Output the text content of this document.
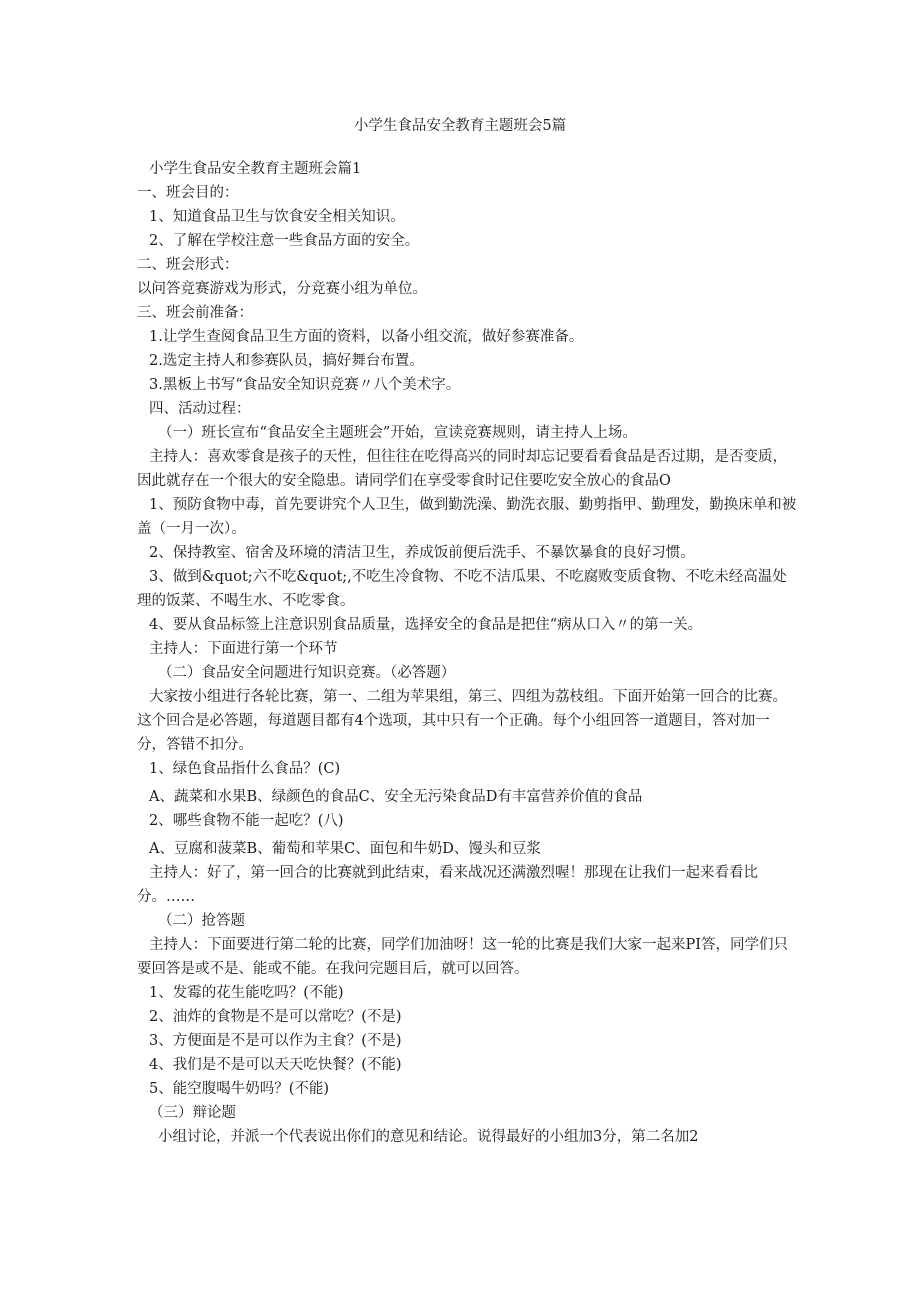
小学生食品安全教育主题班会5篇

小学生食品安全教育主题班会篇1

一、班会目的：

1、知道食品卫生与饮食安全相关知识。

2、了解在学校注意一些食品方面的安全。

二、班会形式：

以问答竞赛游戏为形式，分竞赛小组为单位。

三、班会前准备：

1.让学生查阅食品卫生方面的资料，以备小组交流，做好参赛准备。

2.选定主持人和参赛队员，搞好舞台布置。

3.黑板上书写“食品安全知识竞赛〃八个美术字。

四、活动过程：

（一）班长宣布“食品安全主题班会”开始，宣读竞赛规则，请主持人上场。

主持人：喜欢零食是孩子的天性，但往往在吃得高兴的同时却忘记要看看食品是否过期，是否变质，因此就存在一个很大的安全隐患。请同学们在享受零食时记住要吃安全放心的食品O

1、预防食物中毒，首先要讲究个人卫生，做到勤洗澡、勤洗衣服、勤剪指甲、勤理发，勤换床单和被盖（一月一次）。

2、保持教室、宿舍及环境的清洁卫生，养成饭前便后洗手、不暴饮暴食的良好习惯。

3、做到&quot;六不吃&quot;,不吃生冷食物、不吃不洁瓜果、不吃腐败变质食物、不吃未经高温处理的饭菜、不喝生水、不吃零食。

4、要从食品标签上注意识别食品质量，选择安全的食品是把住“病从口入〃的第一关。

主持人：下面进行第一个环节

（二）食品安全问题进行知识竞赛。（必答题）

大家按小组进行各轮比赛，第一、二组为苹果组，第三、四组为荔枝组。下面开始第一回合的比赛。这个回合是必答题，每道题目都有4个选项，其中只有一个正确。每个小组回答一道题目，答对加一分，答错不扣分。

1、绿色食品指什么食品？(C)

A、蔬菜和水果B、绿颜色的食品C、安全无污染食品D有丰富营养价值的食品

2、哪些食物不能一起吃？(八)

A、豆腐和菠菜B、葡萄和苹果C、面包和牛奶D、馒头和豆浆

主持人：好了，第一回合的比赛就到此结束，看来战况还满激烈喔！那现在让我们一起来看看比分。……

（二）抢答题

主持人：下面要进行第二轮的比赛，同学们加油呀！这一轮的比赛是我们大家一起来PI答，同学们只要回答是或不是、能或不能。在我问完题目后，就可以回答。

1、发霉的花生能吃吗？(不能)

2、油炸的食物是不是可以常吃？(不是)

3、方便面是不是可以作为主食？(不是)

4、我们是不是可以天天吃快餐？(不能)

5、能空腹喝牛奶吗？(不能)

（三）辩论题

小组讨论，并派一个代表说出你们的意见和结论。说得最好的小组加3分，第二名加2
